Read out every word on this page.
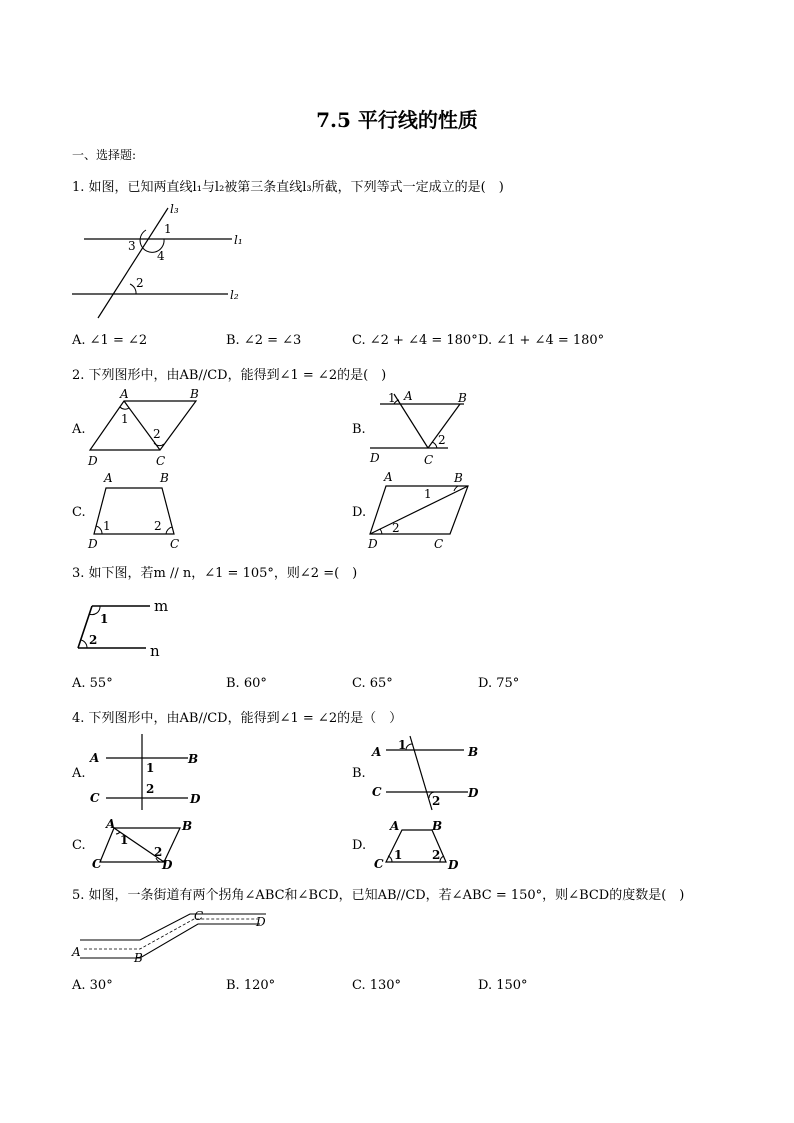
7.5 平行线的性质
一、选择题:
1. 如图，已知两直线l₁与l₂被第三条直线l₃所截，下列等式一定成立的是(　)
l₃
l₁
l₂
1
3
4
2
A. ∠1 = ∠2	B. ∠2 = ∠3	C. ∠2 + ∠4 = 180° D. ∠1 + ∠4 = 180°
2. 下列图形中，由AB//CD，能得到∠1 = ∠2的是(　)
A.
A	B
C
D
1
2	B.
1 A	B
2
D	C
C.
A	B
D	C
1	2
D.
A	B
D	C
1
2
3. 如下图，若m // n，∠1 = 105°，则∠2 =(　)
m
n
1
2
A. 55°	B. 60°	C. 65°	D. 75°
4. 下列图形中，由AB//CD，能得到∠1 = ∠2的是（　）
A.
A	B
C	D
1
2
B.
A 1	B
C	D
2
C.
A	B
C	D
1
2	D.
A	B
C	D
1 2
5. 如图，一条街道有两个拐角∠ABC和∠BCD，已知AB//CD，若∠ABC = 150°，则∠BCD的度数是(　)
A	B
C	D
A. 30°	B. 120°	C. 130°	D. 150°
